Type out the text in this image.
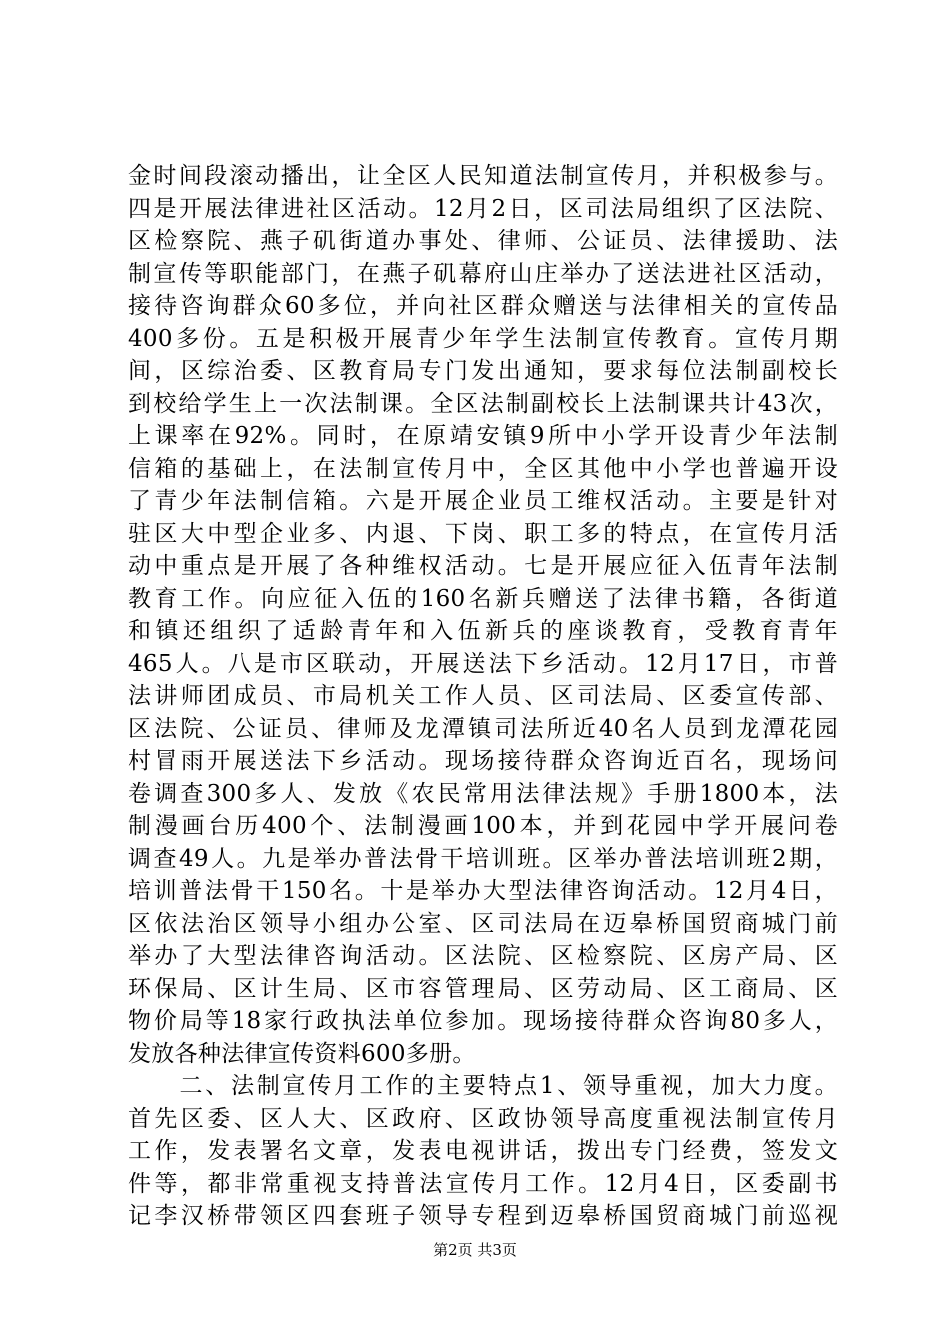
金时间段滚动播出，让全区人民知道法制宣传月，并积极参与。
四是开展法律进社区活动。12月2日，区司法局组织了区法院、
区检察院、燕子矶街道办事处、律师、公证员、法律援助、法
制宣传等职能部门，在燕子矶幕府山庄举办了送法进社区活动，
接待咨询群众60多位，并向社区群众赠送与法律相关的宣传品
400多份。五是积极开展青少年学生法制宣传教育。宣传月期
间，区综治委、区教育局专门发出通知，要求每位法制副校长
到校给学生上一次法制课。全区法制副校长上法制课共计43次，
上课率在92%。同时，在原靖安镇9所中小学开设青少年法制
信箱的基础上，在法制宣传月中，全区其他中小学也普遍开设
了青少年法制信箱。六是开展企业员工维权活动。主要是针对
驻区大中型企业多、内退、下岗、职工多的特点，在宣传月活
动中重点是开展了各种维权活动。七是开展应征入伍青年法制
教育工作。向应征入伍的160名新兵赠送了法律书籍，各街道
和镇还组织了适龄青年和入伍新兵的座谈教育，受教育青年
465人。八是市区联动，开展送法下乡活动。12月17日，市普
法讲师团成员、市局机关工作人员、区司法局、区委宣传部、
区法院、公证员、律师及龙潭镇司法所近40名人员到龙潭花园
村冒雨开展送法下乡活动。现场接待群众咨询近百名，现场问
卷调查300多人、发放《农民常用法律法规》手册1800本，法
制漫画台历400个、法制漫画100本，并到花园中学开展问卷
调查49人。九是举办普法骨干培训班。区举办普法培训班2期，
培训普法骨干150名。十是举办大型法律咨询活动。12月4日，
区依法治区领导小组办公室、区司法局在迈皋桥国贸商城门前
举办了大型法律咨询活动。区法院、区检察院、区房产局、区
环保局、区计生局、区市容管理局、区劳动局、区工商局、区
物价局等18家行政执法单位参加。现场接待群众咨询80多人，
发放各种法律宣传资料600多册。
　　二、法制宣传月工作的主要特点1、领导重视，加大力度。
首先区委、区人大、区政府、区政协领导高度重视法制宣传月
工作，发表署名文章，发表电视讲话，拨出专门经费，签发文
件等，都非常重视支持普法宣传月工作。12月4日，区委副书
记李汉桥带领区四套班子领导专程到迈皋桥国贸商城门前巡视
第2页 共3页
